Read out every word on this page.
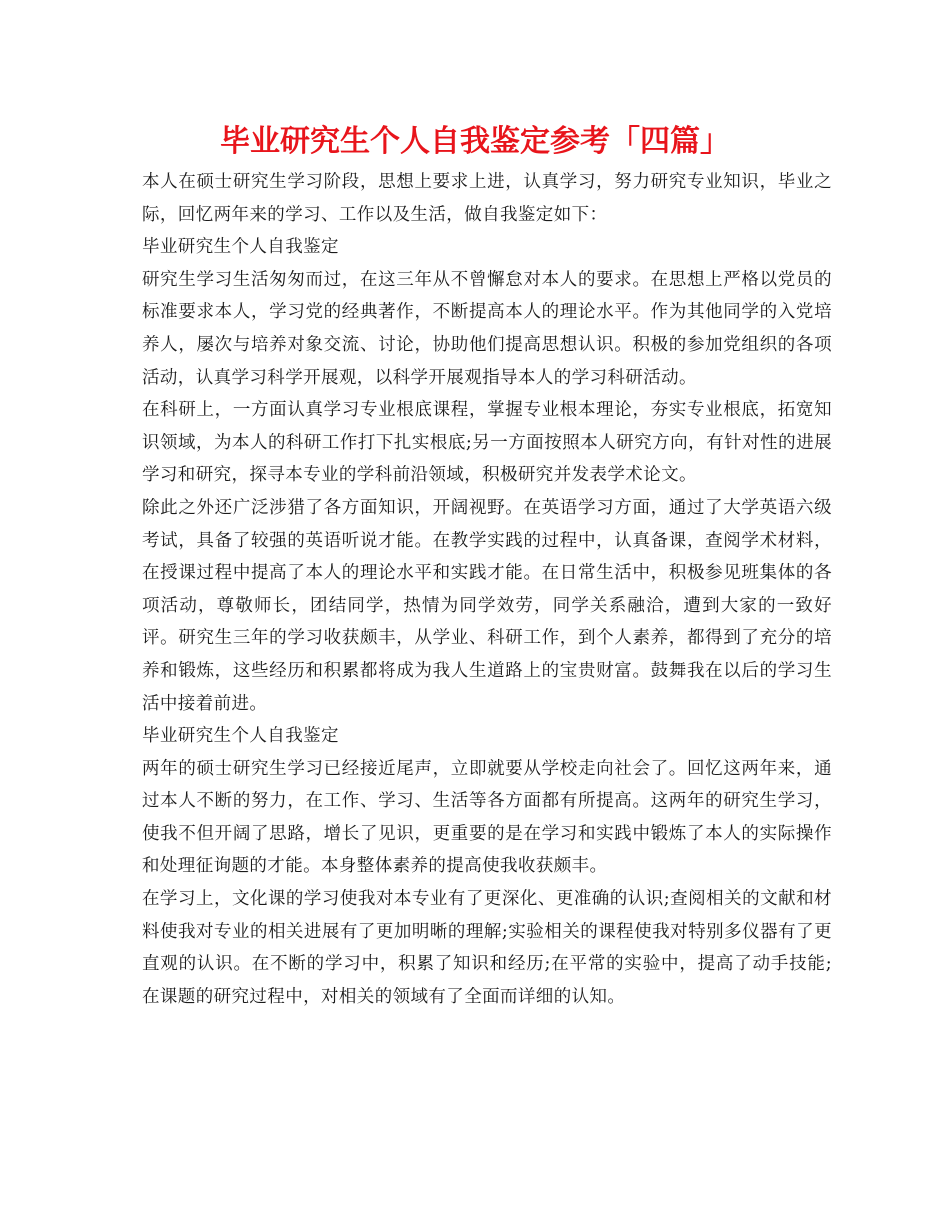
毕业研究生个人自我鉴定参考「四篇」

本人在硕士研究生学习阶段，思想上要求上进，认真学习，努力研究专业知识，毕业之际，回忆两年来的学习、工作以及生活，做自我鉴定如下：

毕业研究生个人自我鉴定

研究生学习生活匆匆而过，在这三年从不曾懈怠对本人的要求。在思想上严格以党员的标准要求本人，学习党的经典著作，不断提高本人的理论水平。作为其他同学的入党培养人，屡次与培养对象交流、讨论，协助他们提高思想认识。积极的参加党组织的各项活动，认真学习科学开展观，以科学开展观指导本人的学习科研活动。

在科研上，一方面认真学习专业根底课程，掌握专业根本理论，夯实专业根底，拓宽知识领域，为本人的科研工作打下扎实根底;另一方面按照本人研究方向，有针对性的进展学习和研究，探寻本专业的学科前沿领域，积极研究并发表学术论文。

除此之外还广泛涉猎了各方面知识，开阔视野。在英语学习方面，通过了大学英语六级考试，具备了较强的英语听说才能。在教学实践的过程中，认真备课，查阅学术材料，在授课过程中提高了本人的理论水平和实践才能。在日常生活中，积极参见班集体的各项活动，尊敬师长，团结同学，热情为同学效劳，同学关系融洽，遭到大家的一致好评。研究生三年的学习收获颇丰，从学业、科研工作，到个人素养，都得到了充分的培养和锻炼，这些经历和积累都将成为我人生道路上的宝贵财富。鼓舞我在以后的学习生活中接着前进。

毕业研究生个人自我鉴定

两年的硕士研究生学习已经接近尾声，立即就要从学校走向社会了。回忆这两年来，通过本人不断的努力，在工作、学习、生活等各方面都有所提高。这两年的研究生学习，使我不但开阔了思路，增长了见识，更重要的是在学习和实践中锻炼了本人的实际操作和处理征询题的才能。本身整体素养的提高使我收获颇丰。

在学习上，文化课的学习使我对本专业有了更深化、更准确的认识;查阅相关的文献和材料使我对专业的相关进展有了更加明晰的理解;实验相关的课程使我对特别多仪器有了更直观的认识。在不断的学习中，积累了知识和经历;在平常的实验中，提高了动手技能;在课题的研究过程中，对相关的领域有了全面而详细的认知。
